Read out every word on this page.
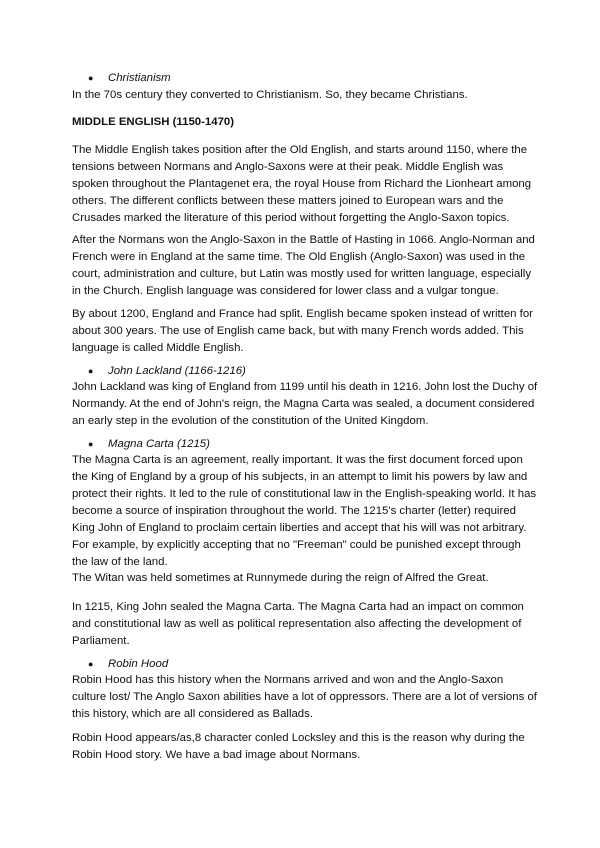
● Christianism
In the 70s century they converted to Christianism. So, they became Christians.
MIDDLE ENGLISH (1150-1470)
The Middle English takes position after the Old English, and starts around 1150, where the
tensions between Normans and Anglo-Saxons were at their peak. Middle English was
spoken throughout the Plantagenet era, the royal House from Richard the Lionheart among
others. The different conflicts between these matters joined to European wars and the
Crusades marked the literature of this period without forgetting the Anglo-Saxon topics.
After the Normans won the Anglo-Saxon in the Battle of Hasting in 1066. Anglo-Norman and
French were in England at the same time. The Old English (Anglo-Saxon) was used in the
court, administration and culture, but Latin was mostly used for written language, especially
in the Church. English language was considered for lower class and a vulgar tongue.
By about 1200, England and France had split. English became spoken instead of written for
about 300 years. The use of English came back, but with many French words added. This
language is called Middle English.
● John Lackland (1166-1216)
John Lackland was king of England from 1199 until his death in 1216. John lost the Duchy of
Normandy. At the end of John's reign, the Magna Carta was sealed, a document considered
an early step in the evolution of the constitution of the United Kingdom.
● Magna Carta (1215)
The Magna Carta is an agreement, really important. It was the first document forced upon
the King of England by a group of his subjects, in an attempt to limit his powers by law and
protect their rights. It led to the rule of constitutional law in the English-speaking world. It has
become a source of inspiration throughout the world. The 1215's charter (letter) required
King John of England to proclaim certain liberties and accept that his will was not arbitrary.
For example, by explicitly accepting that no "Freeman" could be punished except through
the law of the land.
The Witan was held sometimes at Runnymede during the reign of Alfred the Great.
In 1215, King John sealed the Magna Carta. The Magna Carta had an impact on common
and constitutional law as well as political representation also affecting the development of
Parliament.
● Robin Hood
Robin Hood has this history when the Normans arrived and won and the Anglo-Saxon
culture lost/ The Anglo Saxon abilities have a lot of oppressors. There are a lot of versions of
this history, which are all considered as Ballads.
Robin Hood appears/as,8 character conled Locksley and this is the reason why during the
Robin Hood story. We have a bad image about Normans.
